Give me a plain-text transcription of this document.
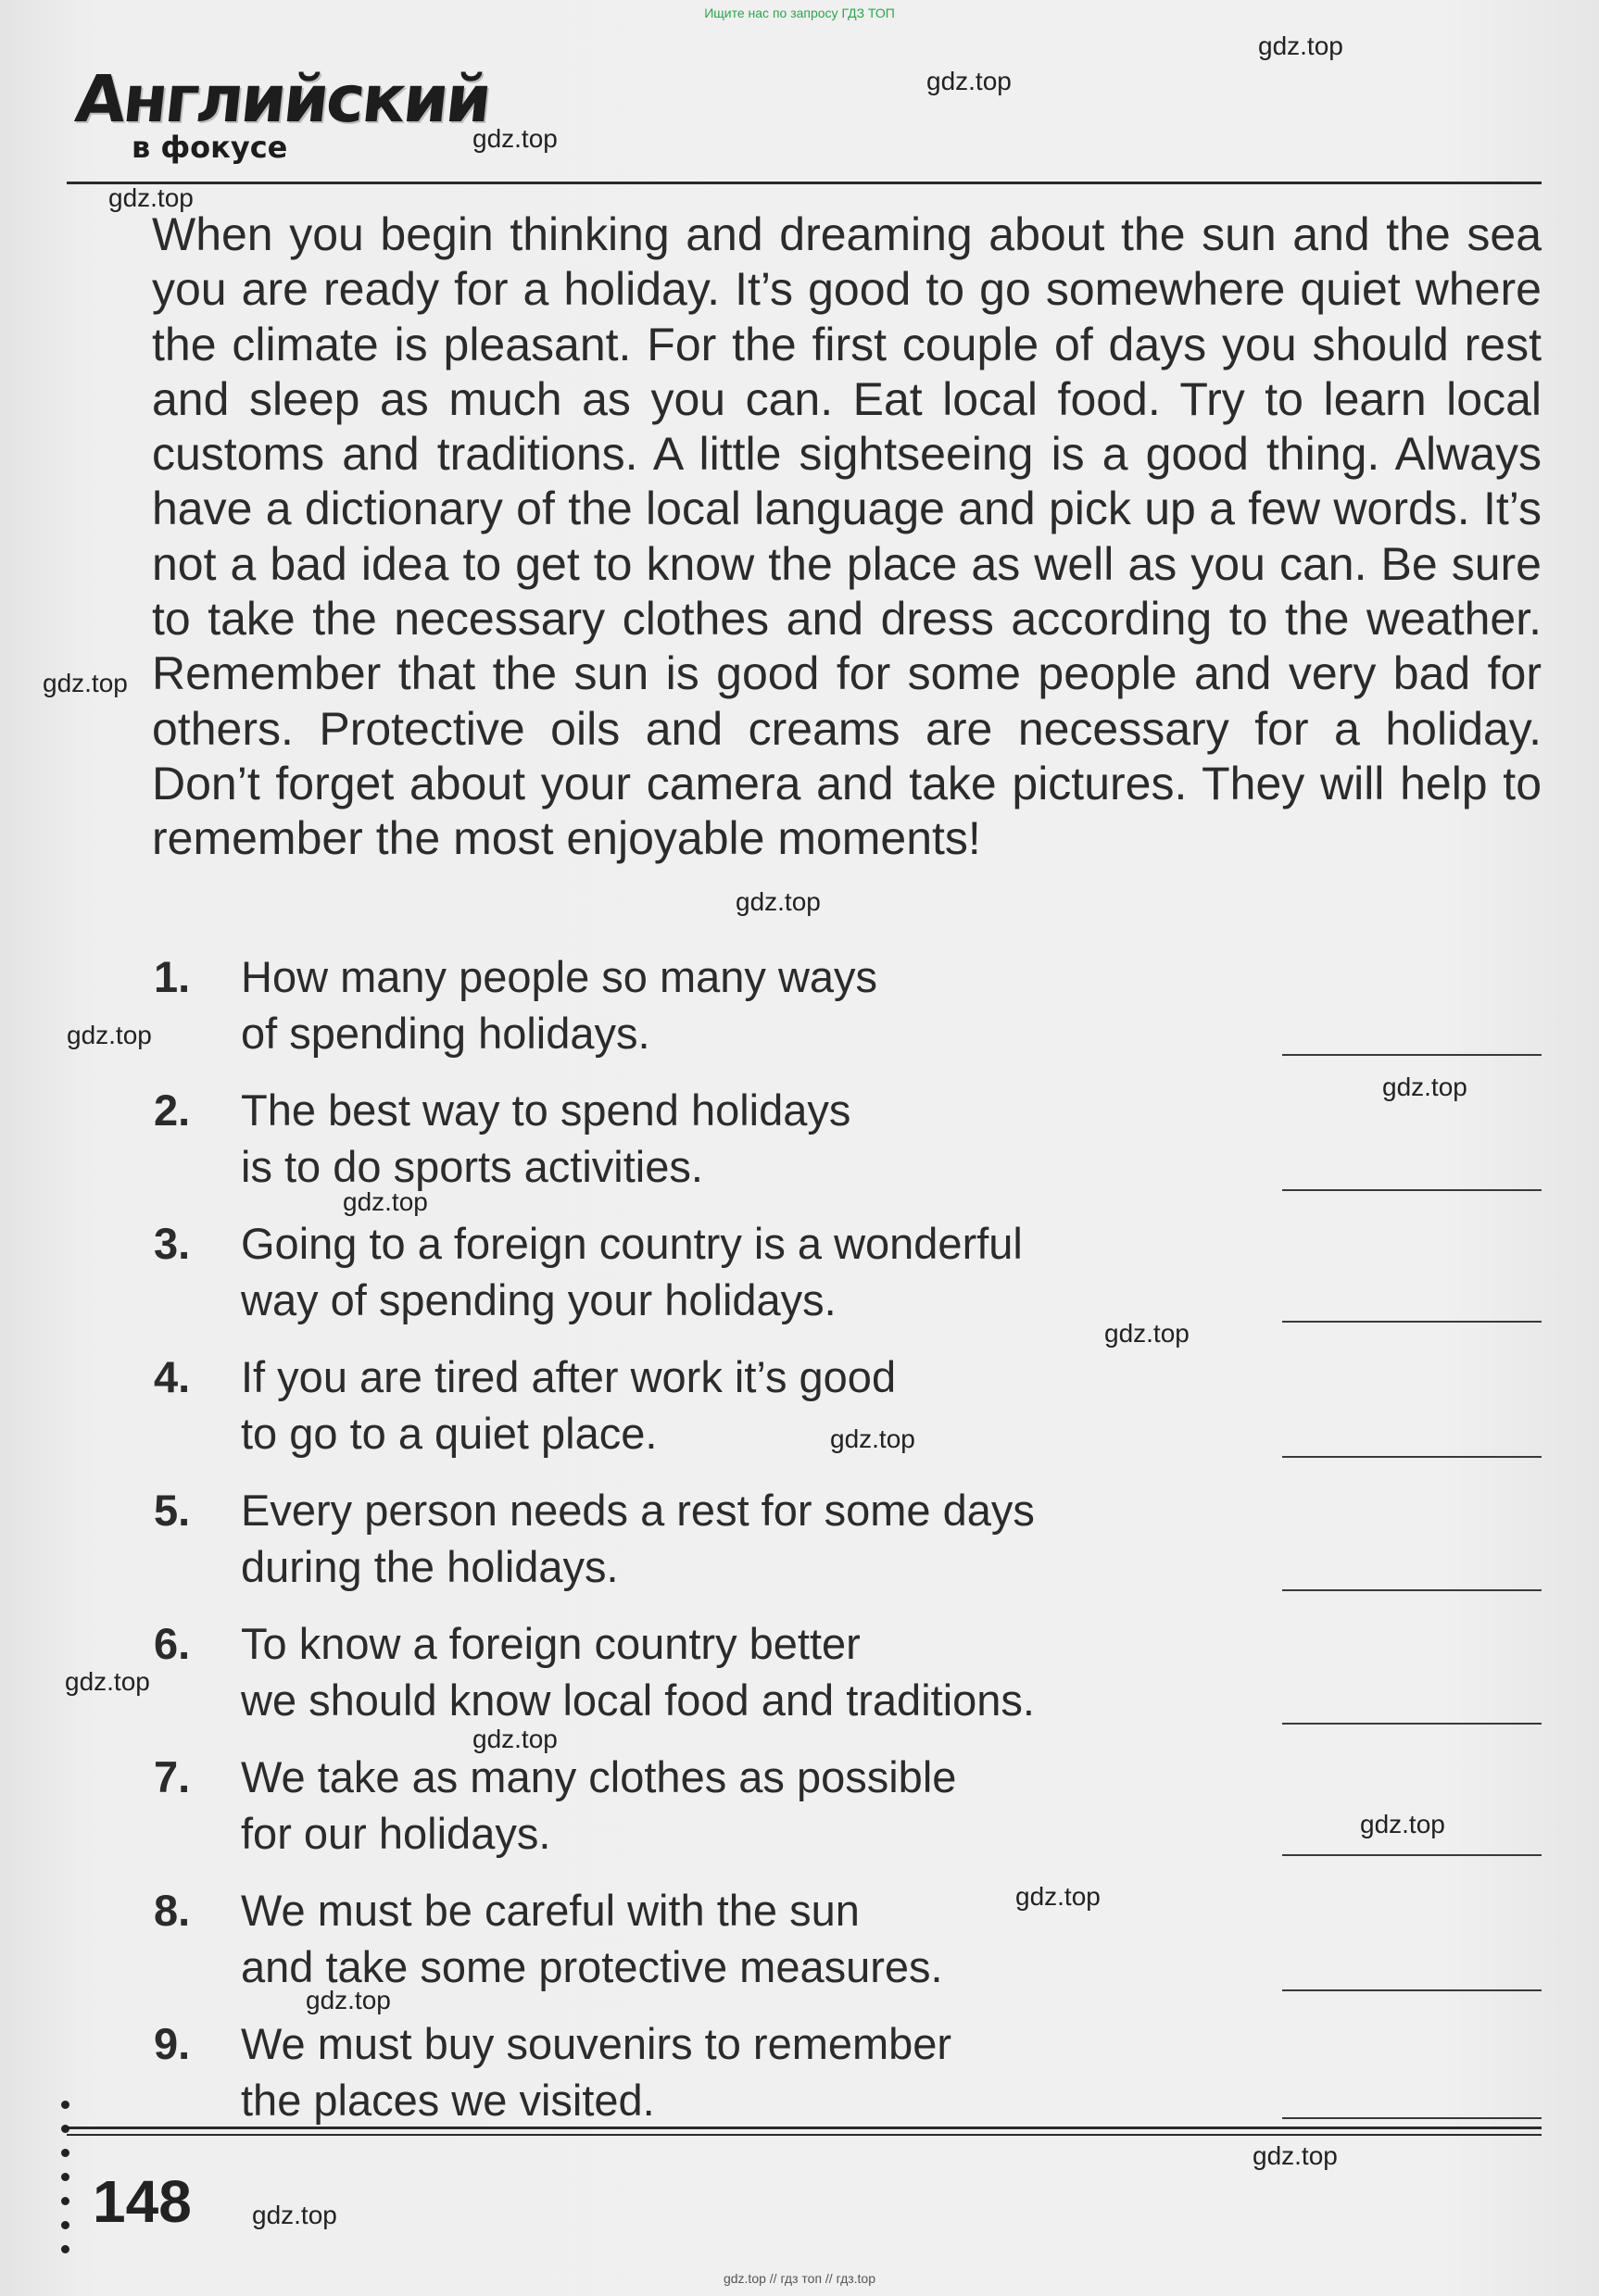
Ищите нас по запросу ГДЗ ТОП
Английский
в фокусе
gdz.top
gdz.top
gdz.top
gdz.top
gdz.top
gdz.top
gdz.top
gdz.top
gdz.top
gdz.top
gdz.top
gdz.top
gdz.top
gdz.top
gdz.top
gdz.top
gdz.top
gdz.top

When you begin thinking and dreaming about the sun and the sea you are ready for a holiday. It’s good to go somewhere quiet where the climate is pleasant. For the first couple of days you should rest and sleep as much as you can. Eat local food. Try to learn local customs and traditions. A little sightseeing is a good thing. Always have a dictionary of the local language and pick up a few words. It’s not a bad idea to get to know the place as well as you can. Be sure to take the necessary clothes and dress according to the weather. Remember that the sun is good for some people and very bad for others. Protective oils and creams are necessary for a holiday. Don’t forget about your camera and take pictures. They will help to remember the most enjoyable moments!

1.	How many people so many ways
of spending holidays.
2.	The best way to spend holidays
is to do sports activities.
3.	Going to a foreign country is a wonderful
way of spending your holidays.
4.	If you are tired after work it’s good
to go to a quiet place.
5.	Every person needs a rest for some days
during the holidays.
6.	To know a foreign country better
we should know local food and traditions.
7.	We take as many clothes as possible
for our holidays.
8.	We must be careful with the sun
and take some protective measures.
9.	We must buy souvenirs to remember
the places we visited.
148
gdz.top // гдз топ // гдз.top
